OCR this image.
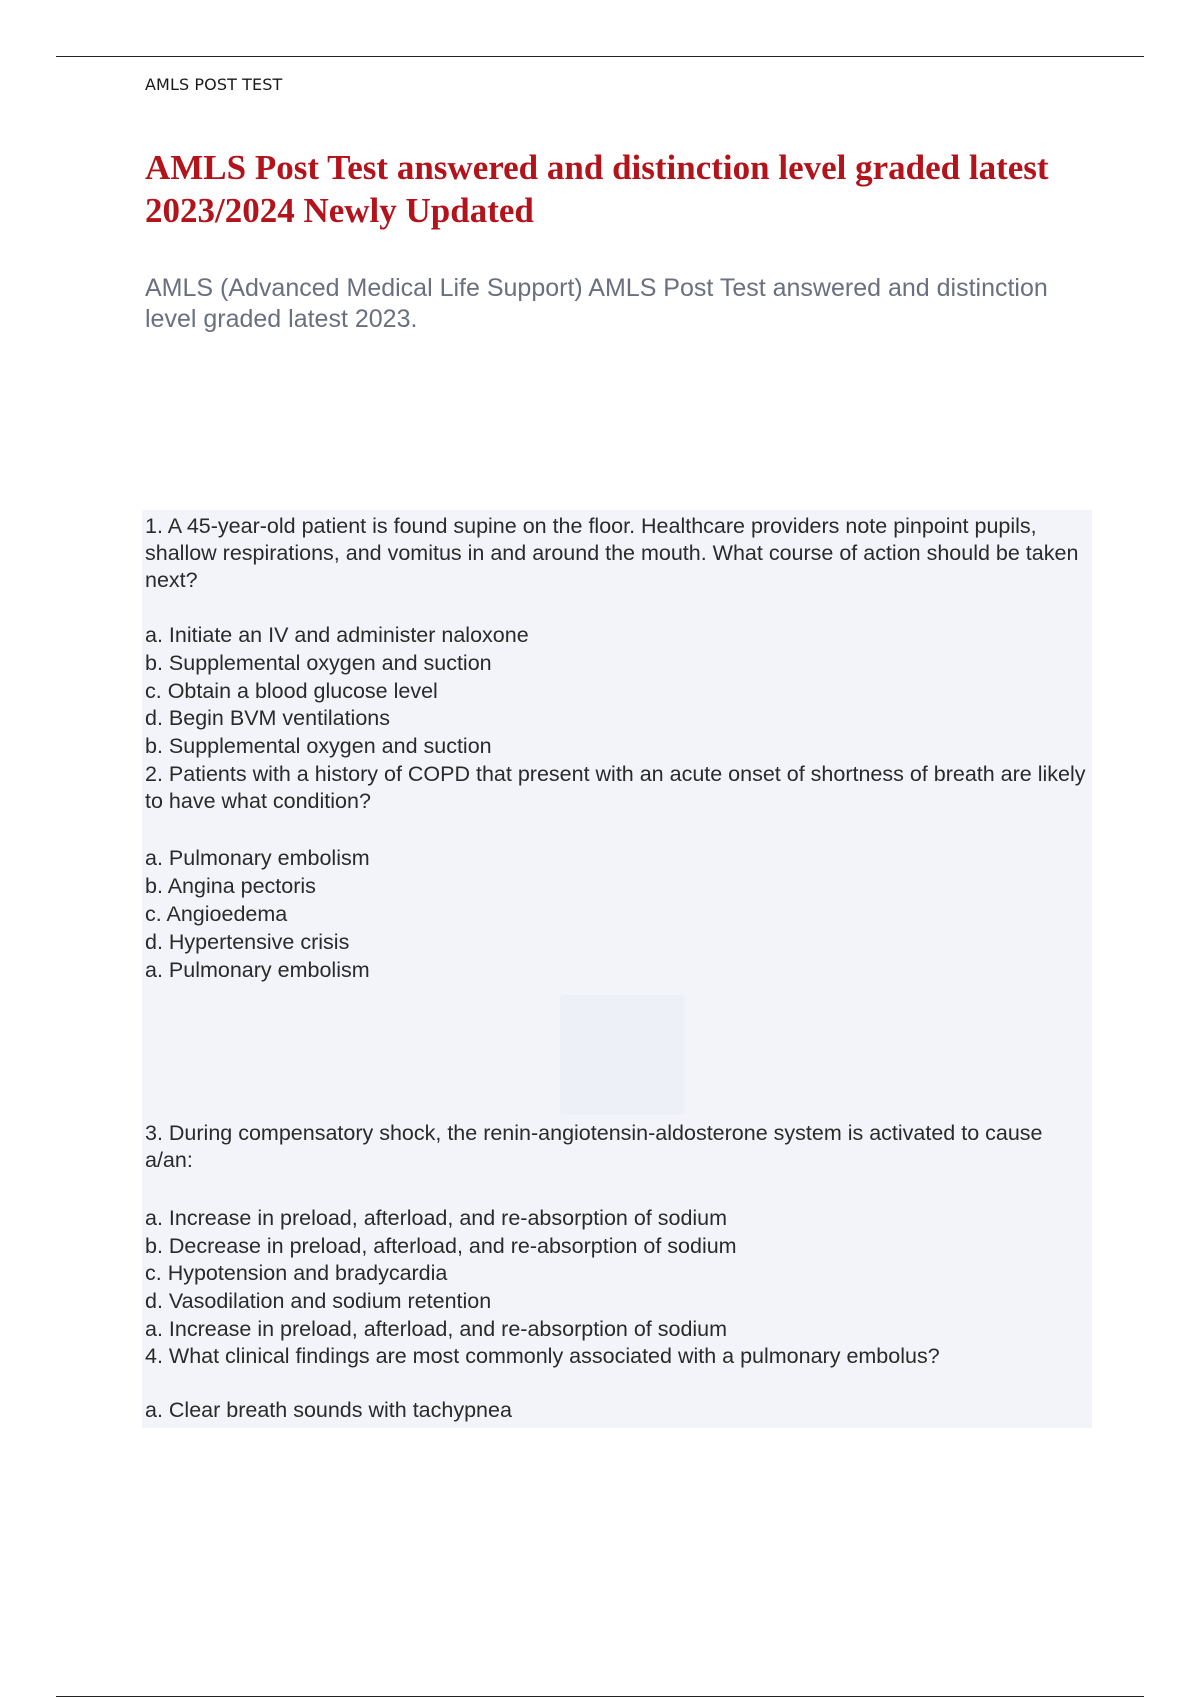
AMLS POST TEST
AMLS Post Test answered and distinction level graded latest 2023/2024 Newly Updated

AMLS (Advanced Medical Life Support) AMLS Post Test answered and distinction level graded latest 2023.

1. A 45-year-old patient is found supine on the floor. Healthcare providers note pinpoint pupils, shallow respirations, and vomitus in and around the mouth. What course of action should be taken next?

a. Initiate an IV and administer naloxone

b. Supplemental oxygen and suction

c. Obtain a blood glucose level

d. Begin BVM ventilations

b. Supplemental oxygen and suction

2. Patients with a history of COPD that present with an acute onset of shortness of breath are likely to have what condition?

a. Pulmonary embolism

b. Angina pectoris

c. Angioedema

d. Hypertensive crisis

a. Pulmonary embolism

3. During compensatory shock, the renin-angiotensin-aldosterone system is activated to cause a/an:

a. Increase in preload, afterload, and re-absorption of sodium

b. Decrease in preload, afterload, and re-absorption of sodium

c. Hypotension and bradycardia

d. Vasodilation and sodium retention

a. Increase in preload, afterload, and re-absorption of sodium

4. What clinical findings are most commonly associated with a pulmonary embolus?

a. Clear breath sounds with tachypnea
